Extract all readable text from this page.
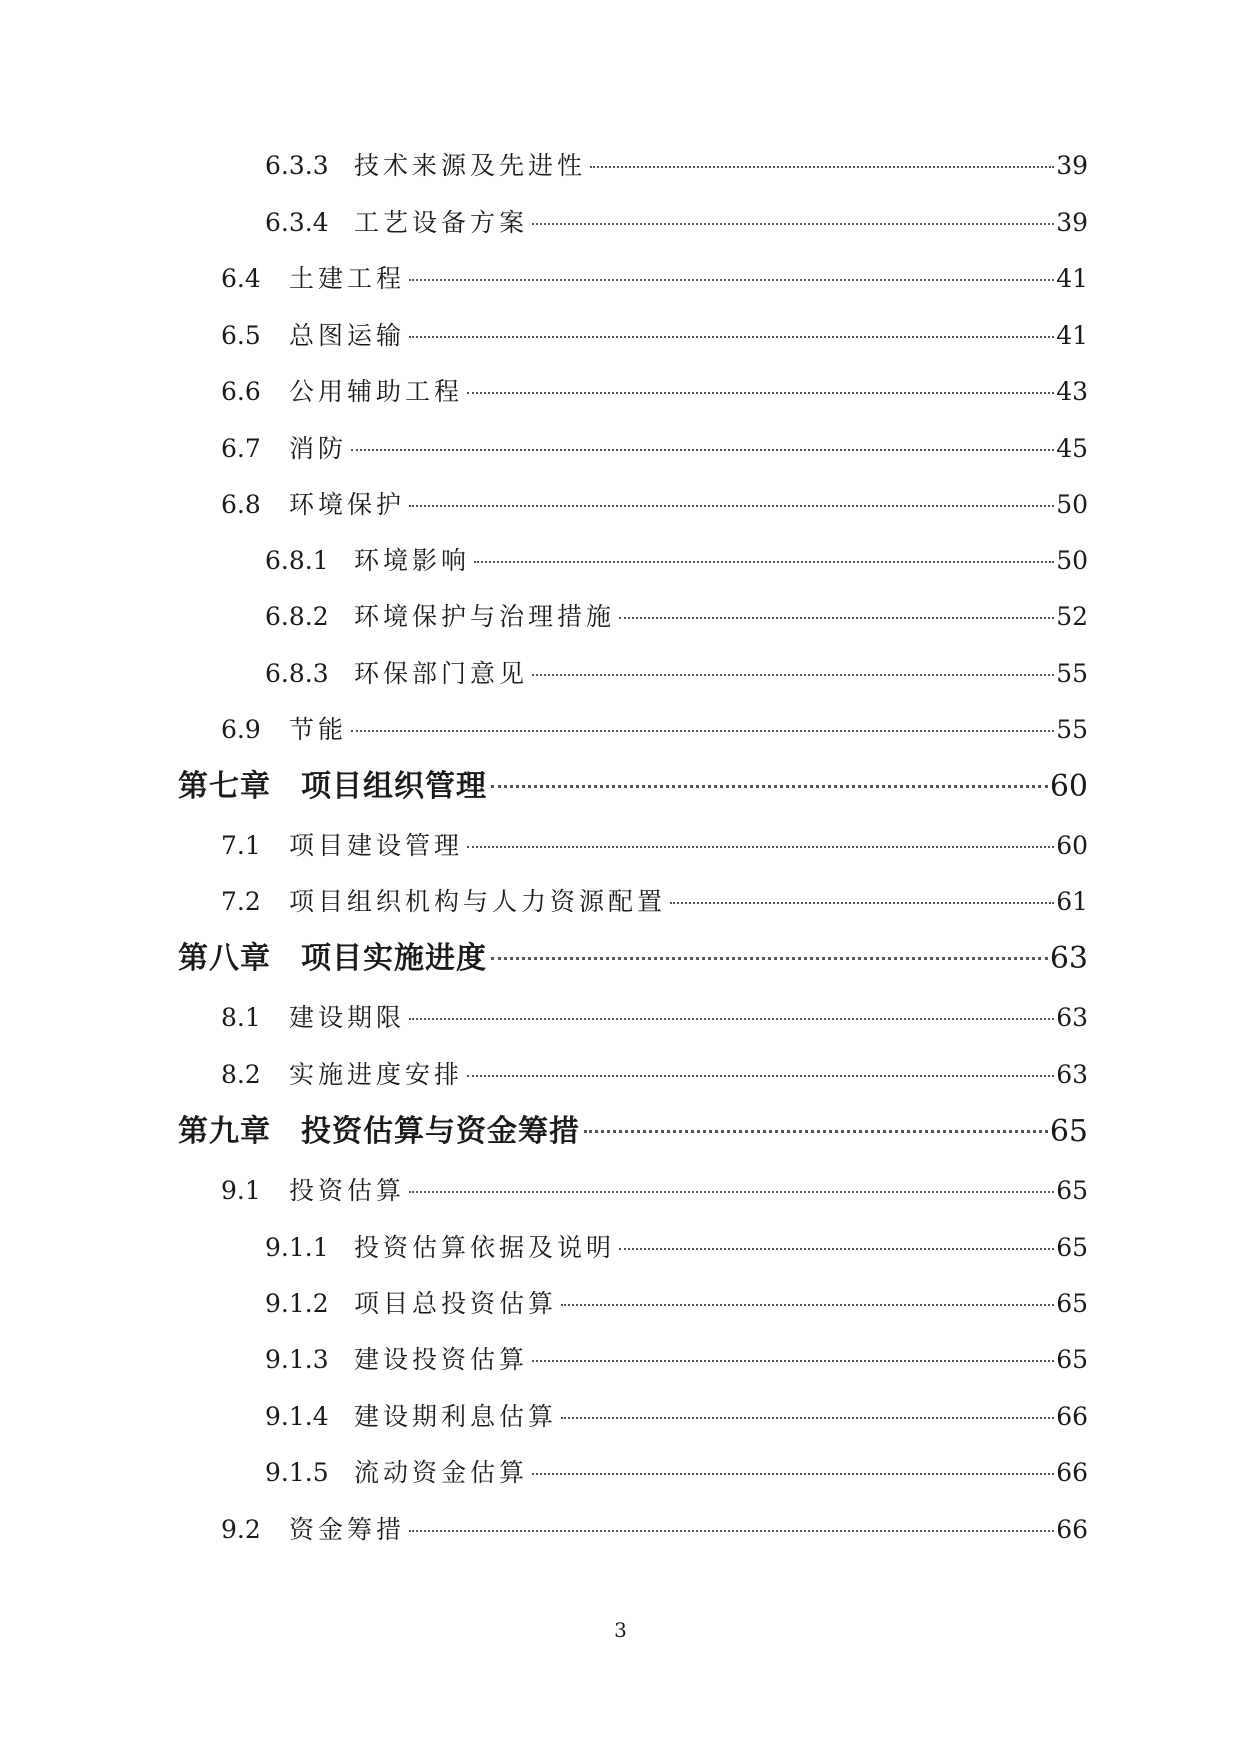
6.3.3	技术来源及先进性	39
6.3.4	工艺设备方案	39
6.4	土建工程	41
6.5	总图运输	41
6.6	公用辅助工程	43
6.7	消防	45
6.8	环境保护	50
6.8.1	环境影响	50
6.8.2	环境保护与治理措施	52
6.8.3	环保部门意见	55
6.9	节能	55
第七章	项目组织管理	60
7.1	项目建设管理	60
7.2	项目组织机构与人力资源配置	61
第八章	项目实施进度	63
8.1	建设期限	63
8.2	实施进度安排	63
第九章	投资估算与资金筹措	65
9.1	投资估算	65
9.1.1	投资估算依据及说明	65
9.1.2	项目总投资估算	65
9.1.3	建设投资估算	65
9.1.4	建设期利息估算	66
9.1.5	流动资金估算	66
9.2	资金筹措	66
3
